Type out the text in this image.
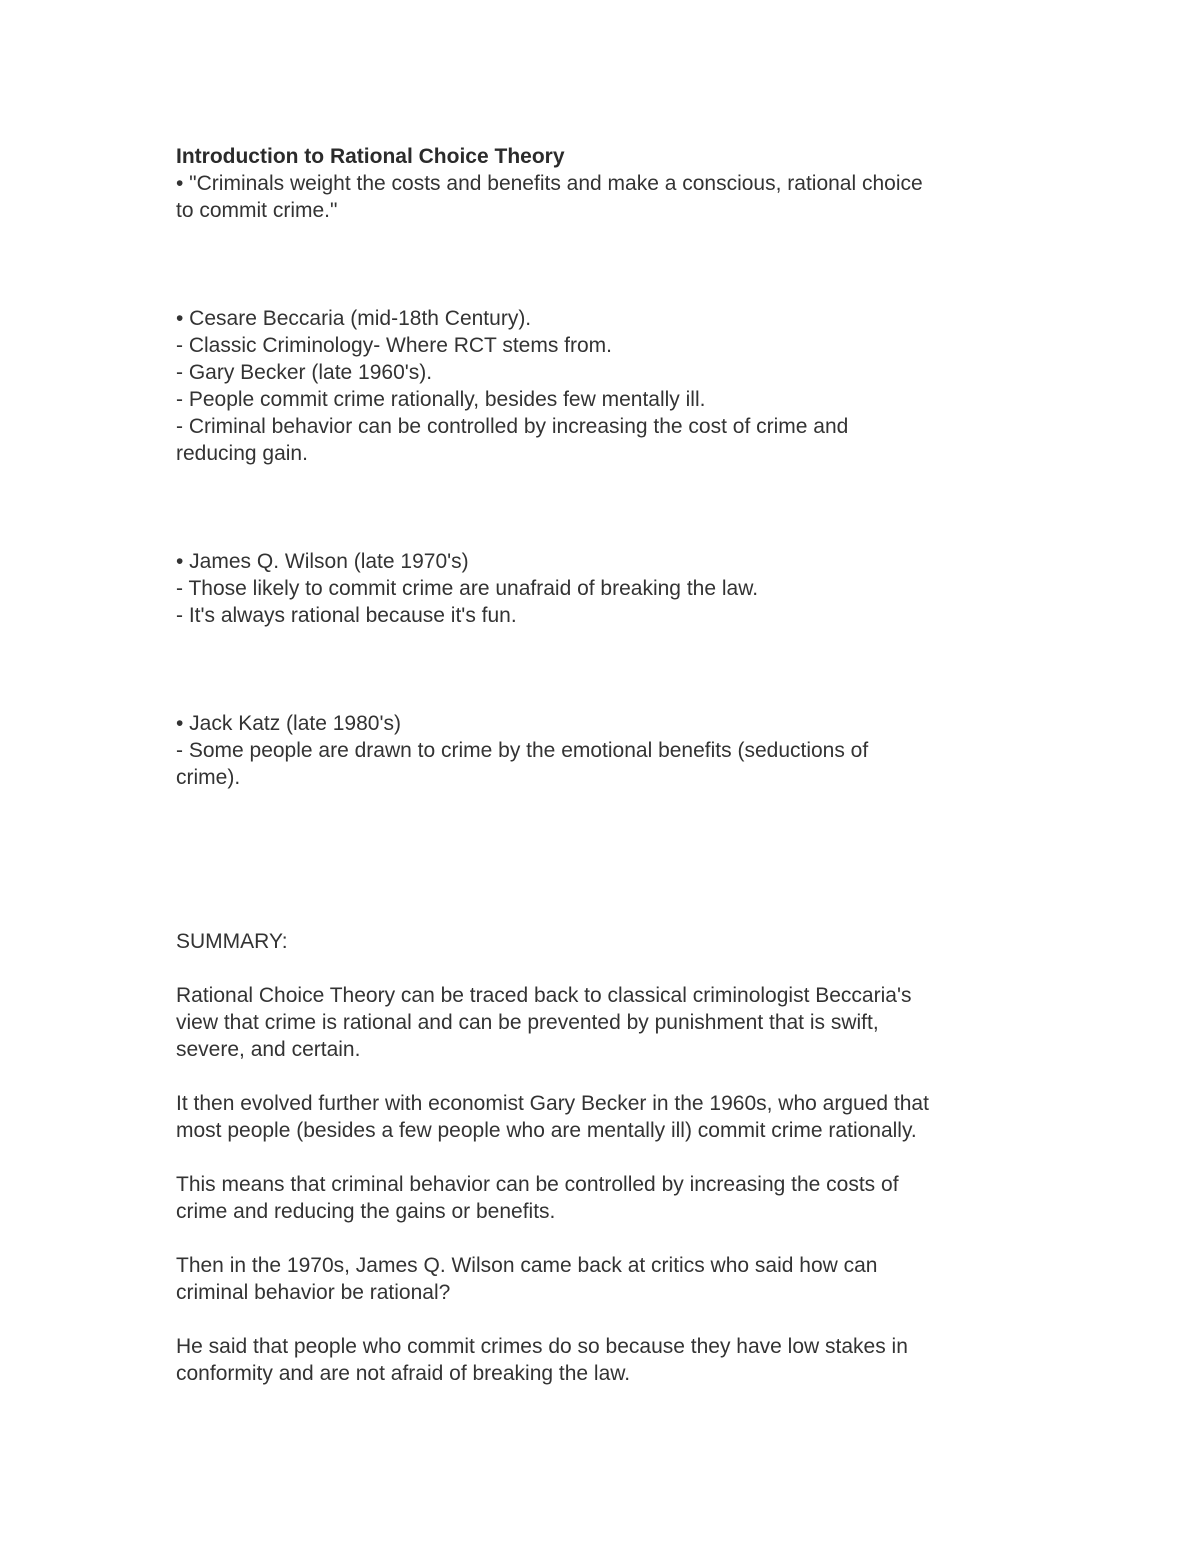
Introduction to Rational Choice Theory

• "Criminals weight the costs and benefits and make a conscious, rational choice

to commit crime."

• Cesare Beccaria (mid-18th Century).

- Classic Criminology- Where RCT stems from.

- Gary Becker (late 1960's).

- People commit crime rationally, besides few mentally ill.

- Criminal behavior can be controlled by increasing the cost of crime and

reducing gain.

• James Q. Wilson (late 1970's)

- Those likely to commit crime are unafraid of breaking the law.

- It's always rational because it's fun.

• Jack Katz (late 1980's)

- Some people are drawn to crime by the emotional benefits (seductions of

crime).

SUMMARY:

Rational Choice Theory can be traced back to classical criminologist Beccaria's

view that crime is rational and can be prevented by punishment that is swift,

severe, and certain.

It then evolved further with economist Gary Becker in the 1960s, who argued that

most people (besides a few people who are mentally ill) commit crime rationally.

This means that criminal behavior can be controlled by increasing the costs of

crime and reducing the gains or benefits.

Then in the 1970s, James Q. Wilson came back at critics who said how can

criminal behavior be rational?

He said that people who commit crimes do so because they have low stakes in

conformity and are not afraid of breaking the law.
